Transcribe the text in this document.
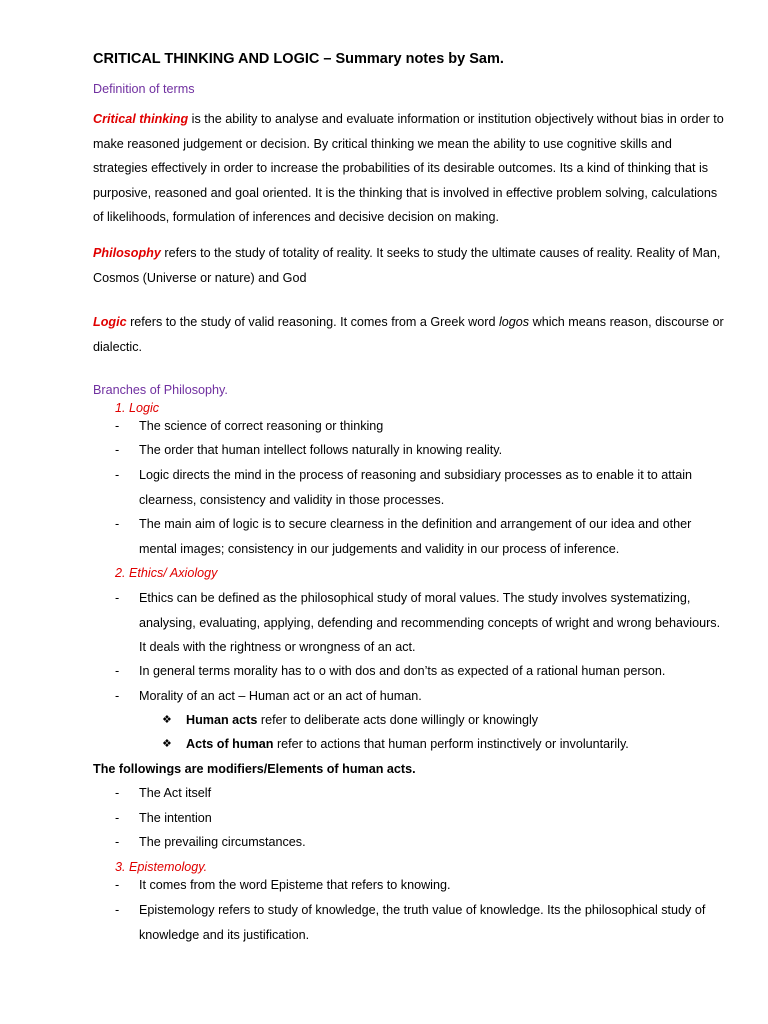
CRITICAL THINKING AND LOGIC – Summary notes by Sam.
Definition of terms
Critical thinking is the ability to analyse and evaluate information or institution objectively without bias in order to make reasoned judgement or decision. By critical thinking we mean the ability to use cognitive skills and strategies effectively in order to increase the probabilities of its desirable outcomes. Its a kind of thinking that is purposive, reasoned and goal oriented. It is the thinking that is involved in effective problem solving, calculations of likelihoods, formulation of inferences and decisive decision on making.
Philosophy refers to the study of totality of reality. It seeks to study the ultimate causes of reality. Reality of Man, Cosmos (Universe or nature) and God
Logic refers to the study of valid reasoning. It comes from a Greek word logos which means reason, discourse or dialectic.
Branches of Philosophy.
1. Logic
- The science of correct reasoning or thinking
- The order that human intellect follows naturally in knowing reality.
- Logic directs the mind in the process of reasoning and subsidiary processes as to enable it to attain clearness, consistency and validity in those processes.
- The main aim of logic is to secure clearness in the definition and arrangement of our idea and other mental images; consistency in our judgements and validity in our process of inference.
2. Ethics/ Axiology
- Ethics can be defined as the philosophical study of moral values. The study involves systematizing, analysing, evaluating, applying, defending and recommending concepts of wright and wrong behaviours. It deals with the rightness or wrongness of an act.
- In general terms morality has to o with dos and don’ts as expected of a rational human person.
- Morality of an act – Human act or an act of human.
❖ Human acts refer to deliberate acts done willingly or knowingly
❖ Acts of human refer to actions that human perform instinctively or involuntarily.
The followings are modifiers/Elements of human acts.
- The Act itself
- The intention
- The prevailing circumstances.
3. Epistemology.
- It comes from the word Episteme that refers to knowing.
- Epistemology refers to study of knowledge, the truth value of knowledge. Its the philosophical study of knowledge and its justification.
